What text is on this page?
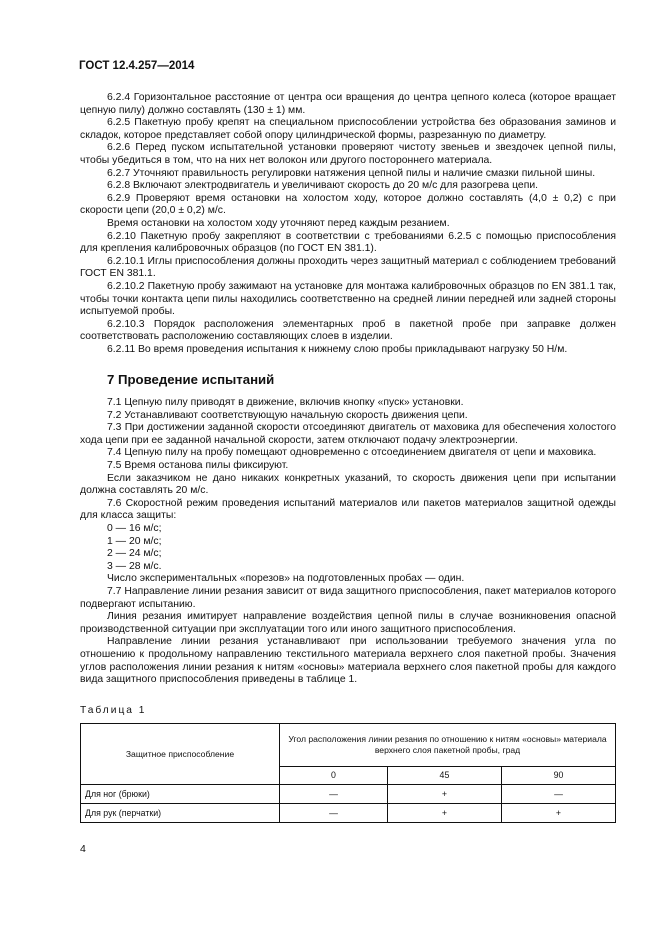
ГОСТ 12.4.257—2014

6.2.4 Горизонтальное расстояние от центра оси вращения до центра цепного колеса (которое вращает цепную пилу) должно составлять (130 ± 1) мм.

6.2.5 Пакетную пробу крепят на специальном приспособлении устройства без образования заминов и складок, которое представляет собой опору цилиндрической формы, разрезанную по диаметру.

6.2.6 Перед пуском испытательной установки проверяют чистоту звеньев и звездочек цепной пилы, чтобы убедиться в том, что на них нет волокон или другого постороннего материала.

6.2.7 Уточняют правильность регулировки натяжения цепной пилы и наличие смазки пильной шины.

6.2.8 Включают электродвигатель и увеличивают скорость до 20 м/с для разогрева цепи.

6.2.9 Проверяют время остановки на холостом ходу, которое должно составлять (4,0 ± 0,2) с при скорости цепи (20,0 ± 0,2) м/с.

Время остановки на холостом ходу уточняют перед каждым резанием.

6.2.10 Пакетную пробу закрепляют в соответствии с требованиями 6.2.5 с помощью приспособления для крепления калибровочных образцов (по ГОСТ EN 381.1).

6.2.10.1 Иглы приспособления должны проходить через защитный материал с соблюдением требований ГОСТ EN 381.1.

6.2.10.2 Пакетную пробу зажимают на установке для монтажа калибровочных образцов по EN 381.1 так, чтобы точки контакта цепи пилы находились соответственно на средней линии передней или задней стороны испытуемой пробы.

6.2.10.3 Порядок расположения элементарных проб в пакетной пробе при заправке должен соответствовать расположению составляющих слоев в изделии.

6.2.11 Во время проведения испытания к нижнему слою пробы прикладывают нагрузку 50 Н/м.

7 Проведение испытаний

7.1 Цепную пилу приводят в движение, включив кнопку «пуск» установки.

7.2 Устанавливают соответствующую начальную скорость движения цепи.

7.3 При достижении заданной скорости отсоединяют двигатель от маховика для обеспечения холостого хода цепи при ее заданной начальной скорости, затем отключают подачу электроэнергии.

7.4 Цепную пилу на пробу помещают одновременно с отсоединением двигателя от цепи и маховика.

7.5 Время останова пилы фиксируют.

Если заказчиком не дано никаких конкретных указаний, то скорость движения цепи при испытании должна составлять 20 м/с.

7.6 Скоростной режим проведения испытаний материалов или пакетов материалов защитной одежды для класса защиты:

0 — 16 м/с;

1 — 20 м/с;

2 — 24 м/с;

3 — 28 м/с.

Число экспериментальных «порезов» на подготовленных пробах — один.

7.7 Направление линии резания зависит от вида защитного приспособления, пакет материалов которого подвергают испытанию.

Линия резания имитирует направление воздействия цепной пилы в случае возникновения опасной производственной ситуации при эксплуатации того или иного защитного приспособления.

Направление линии резания устанавливают при использовании требуемого значения угла по отношению к продольному направлению текстильного материала верхнего слоя пакетной пробы. Значения углов расположения линии резания к нитям «основы» материала верхнего слоя пакетной пробы для каждого вида защитного приспособления приведены в таблице 1.

Таблица 1
Защитное приспособление	Угол расположения линии резания по отношению к нитям «основы» материала верхнего слоя пакетной пробы, град		
	0	45	90
Для ног (брюки)	—	+	—
Для рук (перчатки)	—	+	+
4
